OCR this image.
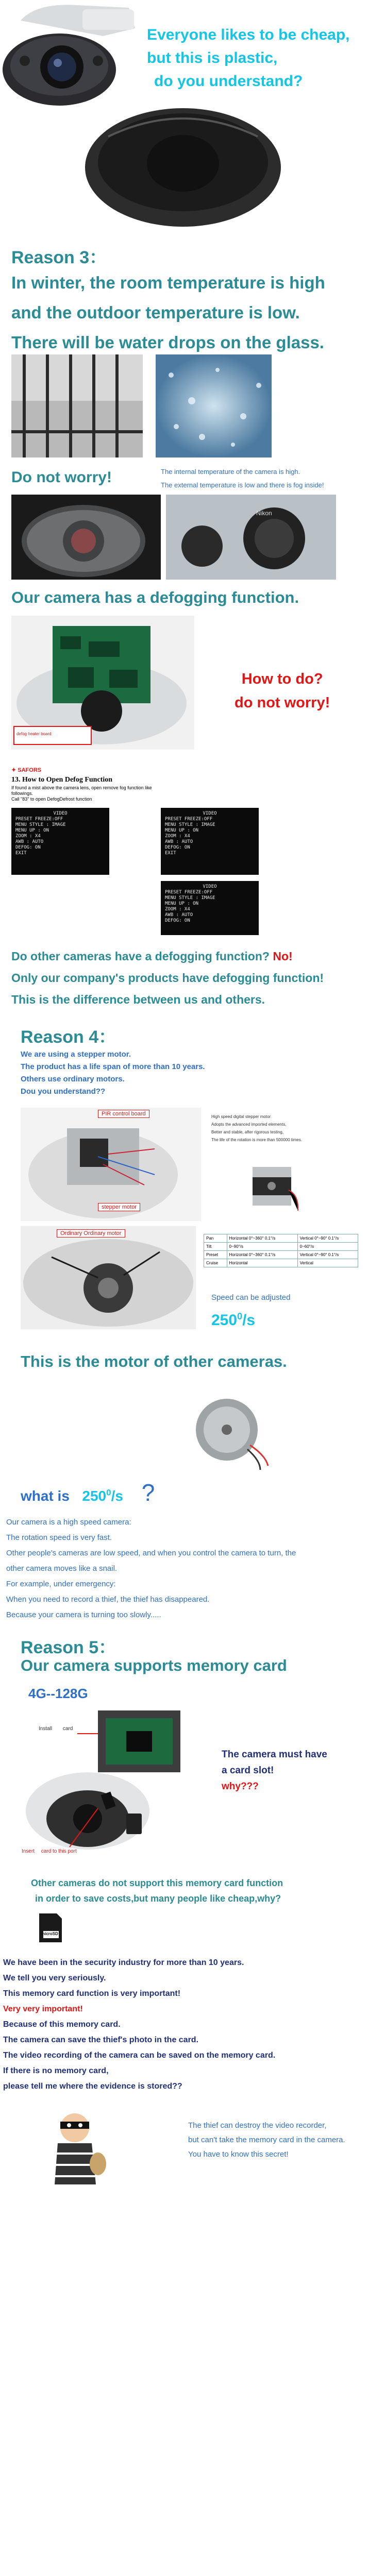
Everyone likes to be cheap,
but this is plastic,
do you understand?
Reason 3：
In winter, the room temperature is high
and the outdoor temperature is low.
There will be water drops on the glass.
Do not worry!	The internal temperature of the camera is high.
The external temperature is low and there is fog inside!
Nikon
Our camera has a defogging function.
defog heater board
How to do?
do not worry!
✦ SAFORS
13. How to Open Defog Function
If found a mist above the camera lens, open remove fog function like
followings.
Call "83" to open DefogDefrost function
VIDEO
PRESET FREEZE:OFF
MENU STYLE : IMAGE
MENU UP : ON
ZOOM : X4
AWB : AUTO
DEFOG: ON
EXIT
VIDEO
PRESET FREEZE:OFF
MENU STYLE : IMAGE
MENU UP : ON
ZOOM : X4
AWB : AUTO
DEFOG: ON
EXIT
VIDEO
PRESET FREEZE:OFF
MENU STYLE : IMAGE
MENU UP : ON
ZOOM : X4
AWB : AUTO
DEFOG: ON
Do other cameras have a defogging function? No!
Only our company's products have defogging function!
This is the difference between us and others.
Reason 4：
We are using a stepper motor.
The product has a life span of more than 10 years.
Others use ordinary motors.
Dou you understand??
PIR control board
stepper motor
High speed digital stepper motor
Adopts the advanced imported elements,
Better and stable, after rigorous testing,
The life of the rotation is more than 500000 times.
Ordinary Ordinary motor
Pan	Horizontal 0°~360° 0.1°/s	Vertical 0°~90° 0.1°/s
Tilt	0~90°/s	0~60°/s
Preset	Horizontal 0°~360° 0.1°/s	Vertical 0°~90° 0.1°/s
Cruise	Horizontal	Vertical
Speed can be adjusted
$250^0/s$
This is the motor of other cameras.
what is $250^0/s$ ?
Our camera is a high speed camera:
The rotation speed is very fast.
Other people's cameras are low speed, and when you control the camera to turn, the
other camera moves like a snail.
For example, under emergency:
When you need to record a thief, the thief has disappeared.
Because your camera is turning too slowly.....
Reason 5：
Our camera supports memory card
4G--128G
Install card
Insert card to this port
The camera must have
a card slot!
why???
Other cameras do not support this memory card function
in order to save costs,but many people like cheap,why?
microSD
We have been in the security industry for more than 10 years.
We tell you very seriously.
This memory card function is very important!
Very very important!
Because of this memory card.
The camera can save the thief's photo in the card.
The video recording of the camera can be saved on the memory card.
If there is no memory card,
please tell me where the evidence is stored??
The thief can destroy the video recorder,
but can't take the memory card in the camera.
You have to know this secret!
